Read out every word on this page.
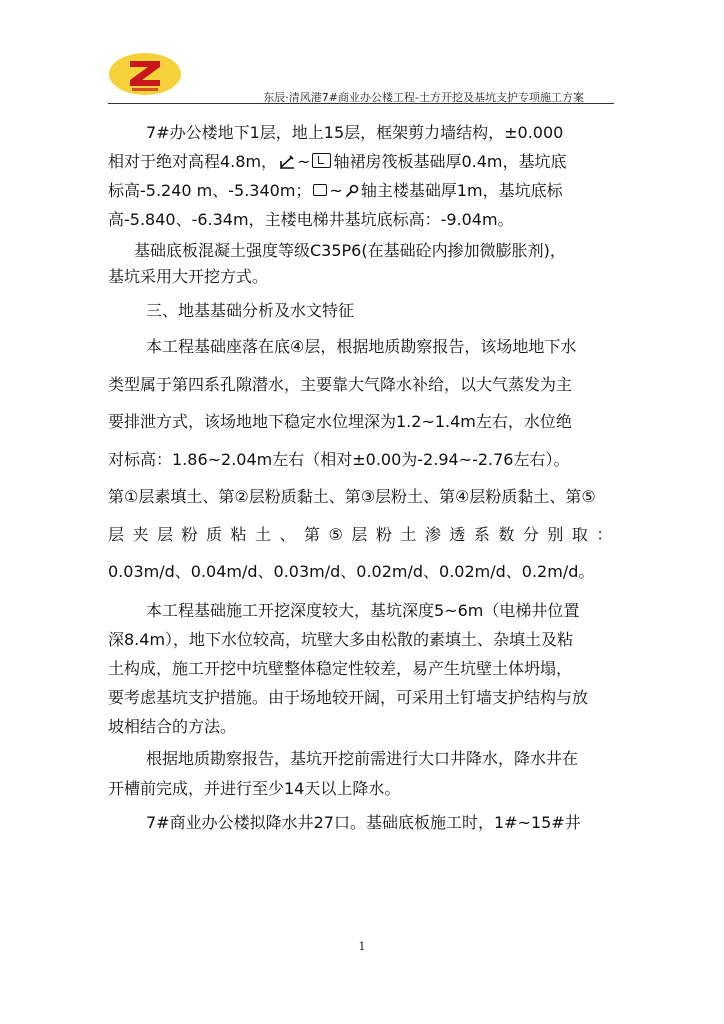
东辰·清风港7#商业办公楼工程-土方开挖及基坑支护专项施工方案
7#办公楼地下1层，地上15层，框架剪力墙结构，±0.000
相对于绝对高程4.8m， ~ 轴裙房筏板基础厚0.4m，基坑底
标高-5.240 m、-5.340m； ~ 轴主楼基础厚1m，基坑底标
高-5.840、-6.34m，主楼电梯井基坑底标高：-9.04m。
基础底板混凝土强度等级C35P6(在基础砼内掺加微膨胀剂)，
基坑采用大开挖方式。
三、地基基础分析及水文特征
本工程基础座落在底④层，根据地质勘察报告，该场地地下水
类型属于第四系孔隙潜水，主要靠大气降水补给，以大气蒸发为主
要排泄方式，该场地地下稳定水位埋深为1.2~1.4m左右，水位绝
对标高：1.86~2.04m左右（相对±0.00为-2.94~-2.76左右）。
第①层素填土、第②层粉质黏土、第③层粉土、第④层粉质黏土、第⑤
层夹层粉质粘土、第⑤层粉土渗透系数分别取：
0.03m/d、0.04m/d、0.03m/d、0.02m/d、0.02m/d、0.2m/d。
本工程基础施工开挖深度较大，基坑深度5~6m（电梯井位置
深8.4m），地下水位较高，坑壁大多由松散的素填土、杂填土及粘
土构成，施工开挖中坑壁整体稳定性较差，易产生坑壁土体坍塌，
要考虑基坑支护措施。由于场地较开阔，可采用土钉墙支护结构与放
坡相结合的方法。
根据地质勘察报告，基坑开挖前需进行大口井降水，降水井在
开槽前完成，并进行至少14天以上降水。
7#商业办公楼拟降水井27口。基础底板施工时，1#~15#井
1
